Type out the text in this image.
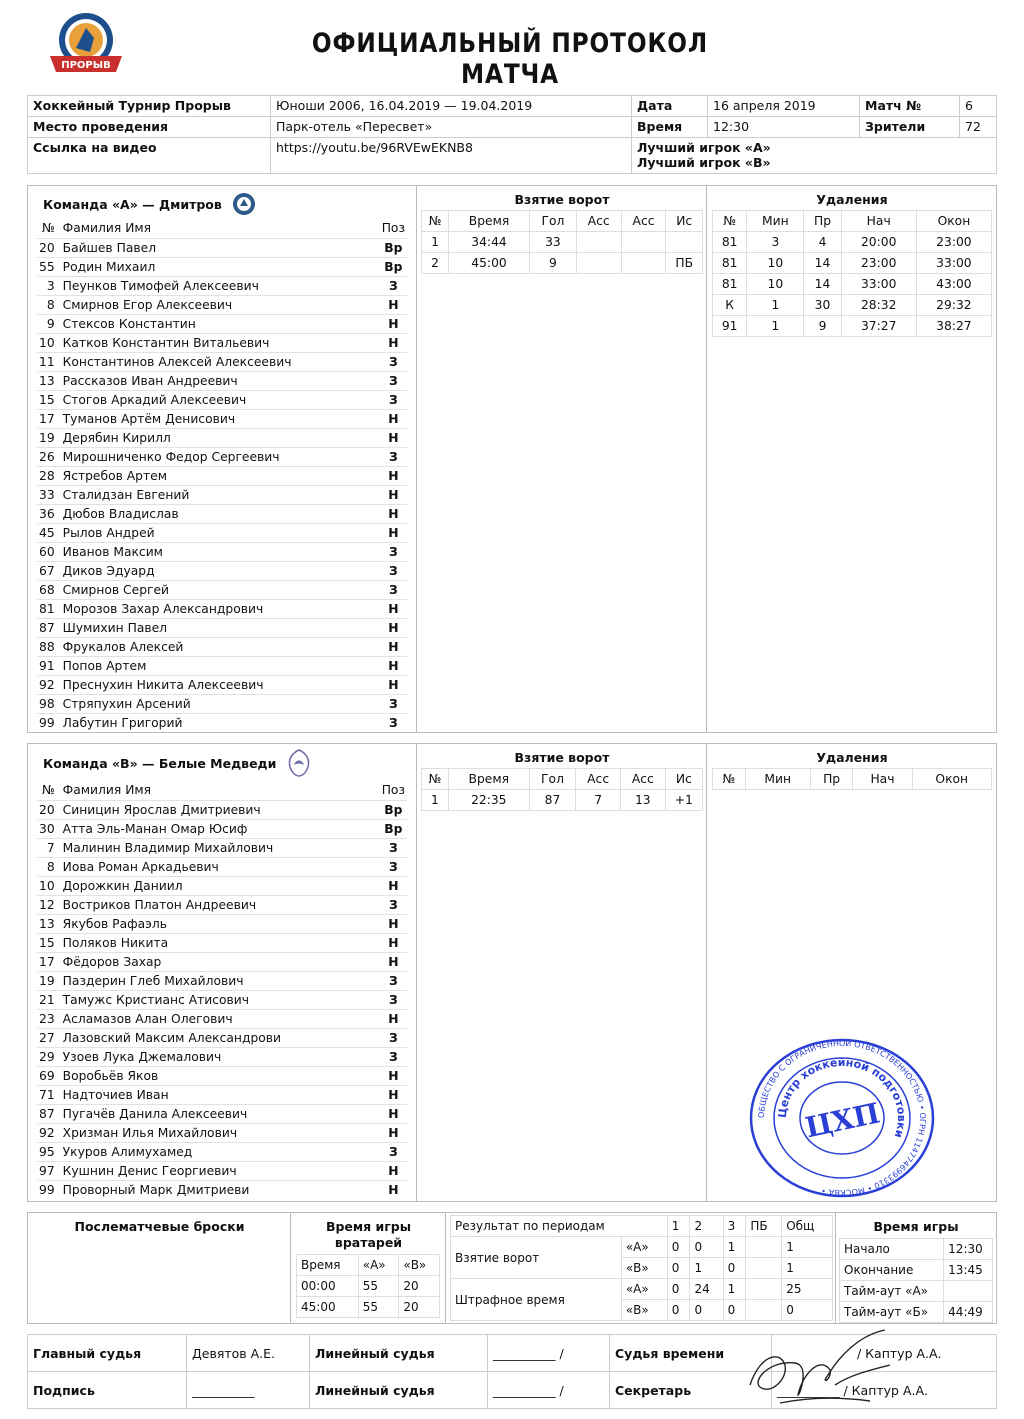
ПРОРЫВ
ОФИЦИАЛЬНЫЙ ПРОТОКОЛ МАТЧА
Хоккейный Турнир Прорыв	Юноши 2006, 16.04.2019 — 19.04.2019	Дата	16 апреля 2019	Матч №	6
Место проведения	Парк-отель «Пересвет»	Время	12:30	Зрители	72
Ссылка на видео	https://youtu.be/96RVEwEKNB8	Лучший игрок «А»
Лучший игрок «B»			
Команда «А» — Дмитров
№	Фамилия Имя	Поз
20	Байшев Павел	Вр
55	Родин Михаил	Вр
3	Пеунков Тимофей Алексеевич	З
8	Смирнов Егор Алексеевич	Н
9	Стексов Константин	Н
10	Катков Константин Витальевич	Н
11	Константинов Алексей Алексеевич	З
13	Рассказов Иван Андреевич	З
15	Стогов Аркадий Алексеевич	З
17	Туманов Артём Денисович	Н
19	Дерябин Кирилл	Н
26	Мирошниченко Федор Сергеевич	З
28	Ястребов Артем	Н
33	Сталидзан Евгений	Н
36	Дюбов Владислав	Н
45	Рылов Андрей	Н
60	Иванов Максим	З
67	Диков Эдуард	З
68	Смирнов Сергей	З
81	Морозов Захар Александрович	Н
87	Шумихин Павел	Н
88	Фрукалов Алексей	Н
91	Попов Артем	Н
92	Преснухин Никита Алексеевич	Н
98	Стряпухин Арсений	З
99	Лабутин Григорий	З
Взятие ворот
№	Время	Гол	Асс	Асс	Ис
1	34:44	33			
2	45:00	9			ПБ
Удаления
№	Мин	Пр	Нач	Окон
81	3	4	20:00	23:00
81	10	14	23:00	33:00
81	10	14	33:00	43:00
К	1	30	28:32	29:32
91	1	9	37:27	38:27
Команда «В» — Белые Медведи
№	Фамилия Имя	Поз
20	Синицин Ярослав Дмитриевич	Вр
30	Атта Эль-Манан Омар Юсиф	Вр
7	Малинин Владимир Михайлович	З
8	Иова Роман Аркадьевич	З
10	Дорожкин Даниил	Н
12	Востриков Платон Андреевич	З
13	Якубов Рафаэль	Н
15	Поляков Никита	Н
17	Фёдоров Захар	Н
19	Паздерин Глеб Михайлович	З
21	Тамужс Кристианс Атисович	З
23	Асламазов Алан Олегович	Н
27	Лазовский Максим Александрови	З
29	Узоев Лука Джемалович	З
69	Воробьёв Яков	Н
71	Надточиев Иван	Н
87	Пугачёв Данила Алексеевич	Н
92	Хризман Илья Михайлович	Н
95	Укуров Алимухамед	З
97	Кушнин Денис Георгиевич	Н
99	Проворный Марк Дмитриеви	Н
Взятие ворот
№	Время	Гол	Асс	Асс	Ис
1	22:35	87	7	13	+1
Удаления
№	Мин	Пр	Нач	Окон
Послематчевые броски	Время игры вратарей
Время	«А»	«В»
00:00	55	20
45:00	55	20
Результат по периодам		1	2	3	ПБ	Общ
Взятие ворот	«А»	0	0	1		1
	«В»	0	1	0		1
Штрафное время	«А»	0	24	1		25
	«В»	0	0	0		0
Время игры
Начало	12:30
Окончание	13:45
Тайм-аут «А»	
Тайм-аут «Б»	44:49
Главный судья	Девятов А.Е.	Линейный судья	__________ /	Судья времени	/ Каптур А.А.
Подпись	__________	Линейный судья	__________ /	Секретарь	__________ / Каптур А.А.
ОБЩЕСТВО С ОГРАНИЧЕННОЙ ОТВЕТСТВЕННОСТЬЮ • ОГРН 1147746993310 • МОСКВА •
Центр хоккейной подготовки
ЦХП
